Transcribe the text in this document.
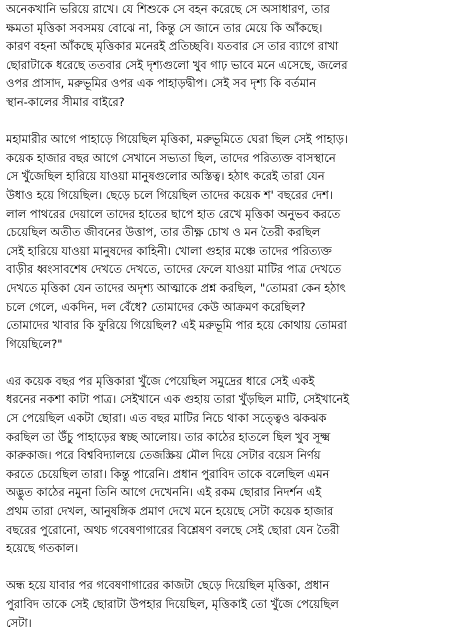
অনেকখানি ভরিয়ে রাখে। যে শিশুকে সে বহন করেছে সে অসাধারণ, তার
ক্ষমতা মৃত্তিকা সবসময় বোঝে না, কিন্তু সে জানে তার মেয়ে কি আঁকছে।
কারণ বহনা আঁকছে মৃত্তিকার মনেরই প্রতিচ্ছবি। যতবার সে তার ব্যাগে রাখা
ছোরাটাকে ধরেছে ততবার সেই দৃশ্যগুলো খুব গাঢ় ভাবে মনে এসেছে, জলের
ওপর প্রাসাদ, মরুভূমির ওপর এক পাহাড়দ্বীপ। সেই সব দৃশ্য কি বর্তমান
স্থান-কালের সীমার বাইরে?
মহামারীর আগে পাহাড়ে গিয়েছিল মৃত্তিকা, মরুভূমিতে ঘেরা ছিল সেই পাহাড়।
কয়েক হাজার বছর আগে সেখানে সভ্যতা ছিল, তাদের পরিত্যক্ত বাসস্থানে
সে খুঁজেছিল হারিয়ে যাওয়া মানুষগুলোর অস্তিত্ব। হঠাৎ করেই তারা যেন
উধাও হয়ে গিয়েছিল। ছেড়ে চলে গিয়েছিল তাদের কয়েক শ' বছরের দেশ।
লাল পাথরের দেয়ালে তাদের হাতের ছাপে হাত রেখে মৃত্তিকা অনুভব করতে
চেয়েছিল অতীত জীবনের উত্তাপ, তার তীক্ষ্ণ চোখ ও মন তৈরী করছিল
সেই হারিয়ে যাওয়া মানুষদের কাহিনী। খোলা গুহার মঞ্চে তাদের পরিত্যক্ত
বাড়ীর ধ্বংসাবশেষ দেখতে দেখতে, তাদের ফেলে যাওয়া মাটির পাত্র দেখতে
দেখতে মৃত্তিকা যেন তাদের অদৃশ্য আত্মাকে প্রশ্ন করছিল, "তোমরা কেন হঠাৎ
চলে গেলে, একদিন, দল বেঁধে? তোমাদের কেউ আক্রমণ করেছিল?
তোমাদের খাবার কি ফুরিয়ে গিয়েছিল? এই মরুভূমি পার হয়ে কোথায় তোমরা
গিয়েছিলে?"
এর কয়েক বছর পর মৃত্তিকারা খুঁজে পেয়েছিল সমুদ্রের ধারে সেই একই
ধরনের নকশা কাটা পাত্র। সেইখানে এক গুহায় তারা খুঁড়ছিল মাটি, সেইখানেই
সে পেয়েছিল একটা ছোরা। এত বছর মাটির নিচে থাকা সত্ত্বেও ঝকঝক
করছিল তা উঁচু পাহাড়ের স্বচ্ছ আলোয়। তার কাঠের হাতলে ছিল খুব সূক্ষ্ম
কারুকাজ। পরে বিশ্ববিদ্যালয়ে তেজস্ক্রিয় মৌল দিয়ে সেটার বয়েস নির্ণয়
করতে চেয়েছিল তারা। কিন্তু পারেনি। প্রধান পুরাবিদ তাকে বলেছিল এমন
অদ্ভুত কাঠের নমুনা তিনি আগে দেখেননি। এই রকম ছোরার নিদর্শন এই
প্রথম তারা দেখল, আনুষঙ্গিক প্রমাণ দেখে মনে হয়েছে সেটা কয়েক হাজার
বছরের পুরোনো, অথচ গবেষণাগারের বিশ্লেষণ বলছে সেই ছোরা যেন তৈরী
হয়েছে গতকাল।
অন্ধ হয়ে যাবার পর গবেষণাগারের কাজটা ছেড়ে দিয়েছিল মৃত্তিকা, প্রধান
পুরাবিদ তাকে সেই ছোরাটা উপহার দিয়েছিল, মৃত্তিকাই তো খুঁজে পেয়েছিল
সেটা।
